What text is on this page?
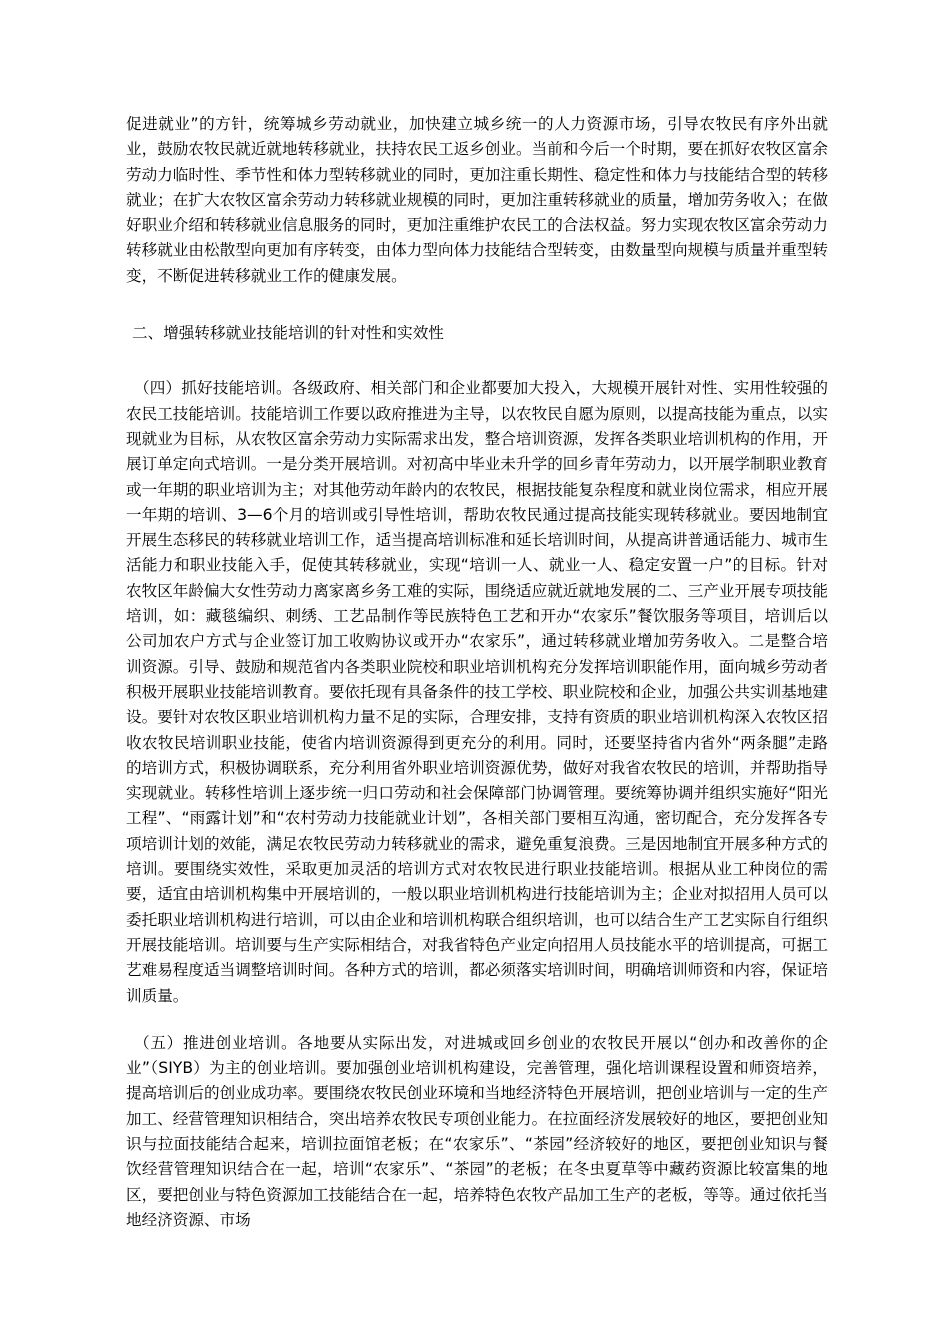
促进就业”的方针，统筹城乡劳动就业，加快建立城乡统一的人力资源市场，引导农牧民有序外出就业，鼓励农牧民就近就地转移就业，扶持农民工返乡创业。当前和今后一个时期，要在抓好农牧区富余劳动力临时性、季节性和体力型转移就业的同时，更加注重长期性、稳定性和体力与技能结合型的转移就业；在扩大农牧区富余劳动力转移就业规模的同时，更加注重转移就业的质量，增加劳务收入；在做好职业介绍和转移就业信息服务的同时，更加注重维护农民工的合法权益。努力实现农牧区富余劳动力转移就业由松散型向更加有序转变，由体力型向体力技能结合型转变，由数量型向规模与质量并重型转变，不断促进转移就业工作的健康发展。

二、增强转移就业技能培训的针对性和实效性

（四）抓好技能培训。各级政府、相关部门和企业都要加大投入，大规模开展针对性、实用性较强的农民工技能培训。技能培训工作要以政府推进为主导，以农牧民自愿为原则，以提高技能为重点，以实现就业为目标，从农牧区富余劳动力实际需求出发，整合培训资源，发挥各类职业培训机构的作用，开展订单定向式培训。一是分类开展培训。对初高中毕业未升学的回乡青年劳动力，以开展学制职业教育或一年期的职业培训为主；对其他劳动年龄内的农牧民，根据技能复杂程度和就业岗位需求，相应开展一年期的培训、3—6个月的培训或引导性培训，帮助农牧民通过提高技能实现转移就业。要因地制宜开展生态移民的转移就业培训工作，适当提高培训标准和延长培训时间，从提高讲普通话能力、城市生活能力和职业技能入手，促使其转移就业，实现“培训一人、就业一人、稳定安置一户”的目标。针对农牧区年龄偏大女性劳动力离家离乡务工难的实际，围绕适应就近就地发展的二、三产业开展专项技能培训，如：藏毯编织、刺绣、工艺品制作等民族特色工艺和开办“农家乐”餐饮服务等项目，培训后以公司加农户方式与企业签订加工收购协议或开办“农家乐”，通过转移就业增加劳务收入。二是整合培训资源。引导、鼓励和规范省内各类职业院校和职业培训机构充分发挥培训职能作用，面向城乡劳动者积极开展职业技能培训教育。要依托现有具备条件的技工学校、职业院校和企业，加强公共实训基地建设。要针对农牧区职业培训机构力量不足的实际，合理安排，支持有资质的职业培训机构深入农牧区招收农牧民培训职业技能，使省内培训资源得到更充分的利用。同时，还要坚持省内省外“两条腿”走路的培训方式，积极协调联系，充分利用省外职业培训资源优势，做好对我省农牧民的培训，并帮助指导实现就业。转移性培训上逐步统一归口劳动和社会保障部门协调管理。要统筹协调并组织实施好“阳光工程”、“雨露计划”和“农村劳动力技能就业计划”，各相关部门要相互沟通，密切配合，充分发挥各专项培训计划的效能，满足农牧民劳动力转移就业的需求，避免重复浪费。三是因地制宜开展多种方式的培训。要围绕实效性，采取更加灵活的培训方式对农牧民进行职业技能培训。根据从业工种岗位的需要，适宜由培训机构集中开展培训的，一般以职业培训机构进行技能培训为主；企业对拟招用人员可以委托职业培训机构进行培训，可以由企业和培训机构联合组织培训，也可以结合生产工艺实际自行组织开展技能培训。培训要与生产实际相结合，对我省特色产业定向招用人员技能水平的培训提高，可据工艺难易程度适当调整培训时间。各种方式的培训，都必须落实培训时间，明确培训师资和内容，保证培训质量。

（五）推进创业培训。各地要从实际出发，对进城或回乡创业的农牧民开展以“创办和改善你的企业”（SIYB）为主的创业培训。要加强创业培训机构建设，完善管理，强化培训课程设置和师资培养，提高培训后的创业成功率。要围绕农牧民创业环境和当地经济特色开展培训，把创业培训与一定的生产加工、经营管理知识相结合，突出培养农牧民专项创业能力。在拉面经济发展较好的地区，要把创业知识与拉面技能结合起来，培训拉面馆老板；在“农家乐”、“茶园”经济较好的地区，要把创业知识与餐饮经营管理知识结合在一起，培训“农家乐”、“茶园”的老板；在冬虫夏草等中藏药资源比较富集的地区，要把创业与特色资源加工技能结合在一起，培养特色农牧产品加工生产的老板，等等。通过依托当地经济资源、市场
